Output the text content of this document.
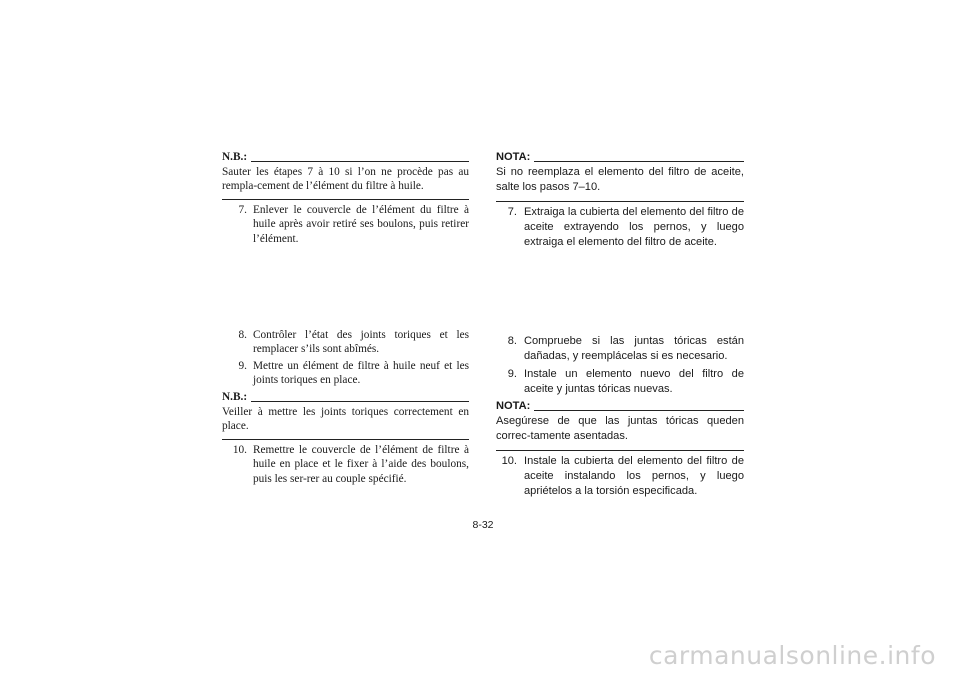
N.B.:
Sauter les étapes 7 à 10 si l’on ne procède pas au rempla-cement de l’élément du filtre à huile.
7. Enlever le couvercle de l’élément du filtre à huile après avoir retiré ses boulons, puis retirer l’élément.
8. Contrôler l’état des joints toriques et les remplacer s’ils sont abîmés.
9. Mettre un élément de filtre à huile neuf et les joints toriques en place.
N.B.:
Veiller à mettre les joints toriques correctement en place.
10. Remettre le couvercle de l’élément de filtre à huile en place et le fixer à l’aide des boulons, puis les ser-rer au couple spécifié.
NOTA:
Si no reemplaza el elemento del filtro de aceite, salte los pasos 7–10.
7. Extraiga la cubierta del elemento del filtro de aceite extrayendo los pernos, y luego extraiga el elemento del filtro de aceite.
8. Compruebe si las juntas tóricas están dañadas, y reemplácelas si es necesario.
9. Instale un elemento nuevo del filtro de aceite y juntas tóricas nuevas.
NOTA:
Asegúrese de que las juntas tóricas queden correc-tamente asentadas.
10. Instale la cubierta del elemento del filtro de aceite instalando los pernos, y luego apriételos a la torsión especificada.
8-32
carmanualsonline.info
